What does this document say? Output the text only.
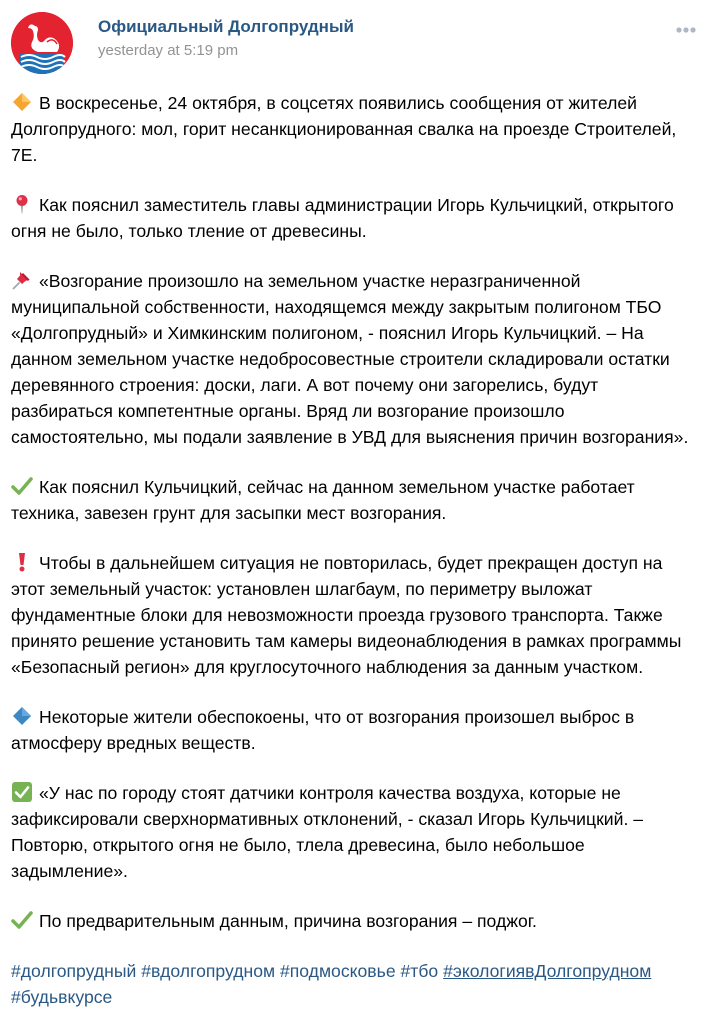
Официальный Долгопрудный
yesterday at 5:19 pm

В воскресенье, 24 октября, в соцсетях появились сообщения от жителей
Долгопрудного: мол, горит несанкционированная свалка на проезде Строителей,
7Е.

Как пояснил заместитель главы администрации Игорь Кульчицкий, открытого
огня не было, только тление от древесины.

«Возгорание произошло на земельном участке неразграниченной
муниципальной собственности, находящемся между закрытым полигоном ТБО
«Долгопрудный» и Химкинским полигоном, - пояснил Игорь Кульчицкий. – На
данном земельном участке недобросовестные строители складировали остатки
деревянного строения: доски, лаги. А вот почему они загорелись, будут
разбираться компетентные органы. Вряд ли возгорание произошло
самостоятельно, мы подали заявление в УВД для выяснения причин возгорания».

Как пояснил Кульчицкий, сейчас на данном земельном участке работает
техника, завезен грунт для засыпки мест возгорания.

Чтобы в дальнейшем ситуация не повторилась, будет прекращен доступ на
этот земельный участок: установлен шлагбаум, по периметру выложат
фундаментные блоки для невозможности проезда грузового транспорта. Также
принято решение установить там камеры видеонаблюдения в рамках программы
«Безопасный регион» для круглосуточного наблюдения за данным участком.

Некоторые жители обеспокоены, что от возгорания произошел выброс в
атмосферу вредных веществ.

«У нас по городу стоят датчики контроля качества воздуха, которые не
зафиксировали сверхнормативных отклонений, - сказал Игорь Кульчицкий. –
Повторю, открытого огня не было, тлела древесина, было небольшое
задымление».

По предварительным данным, причина возгорания – поджог.

#долгопрудный #вдолгопрудном #подмосковье #тбо #экологиявДолгопрудном
#будьвкурсе
